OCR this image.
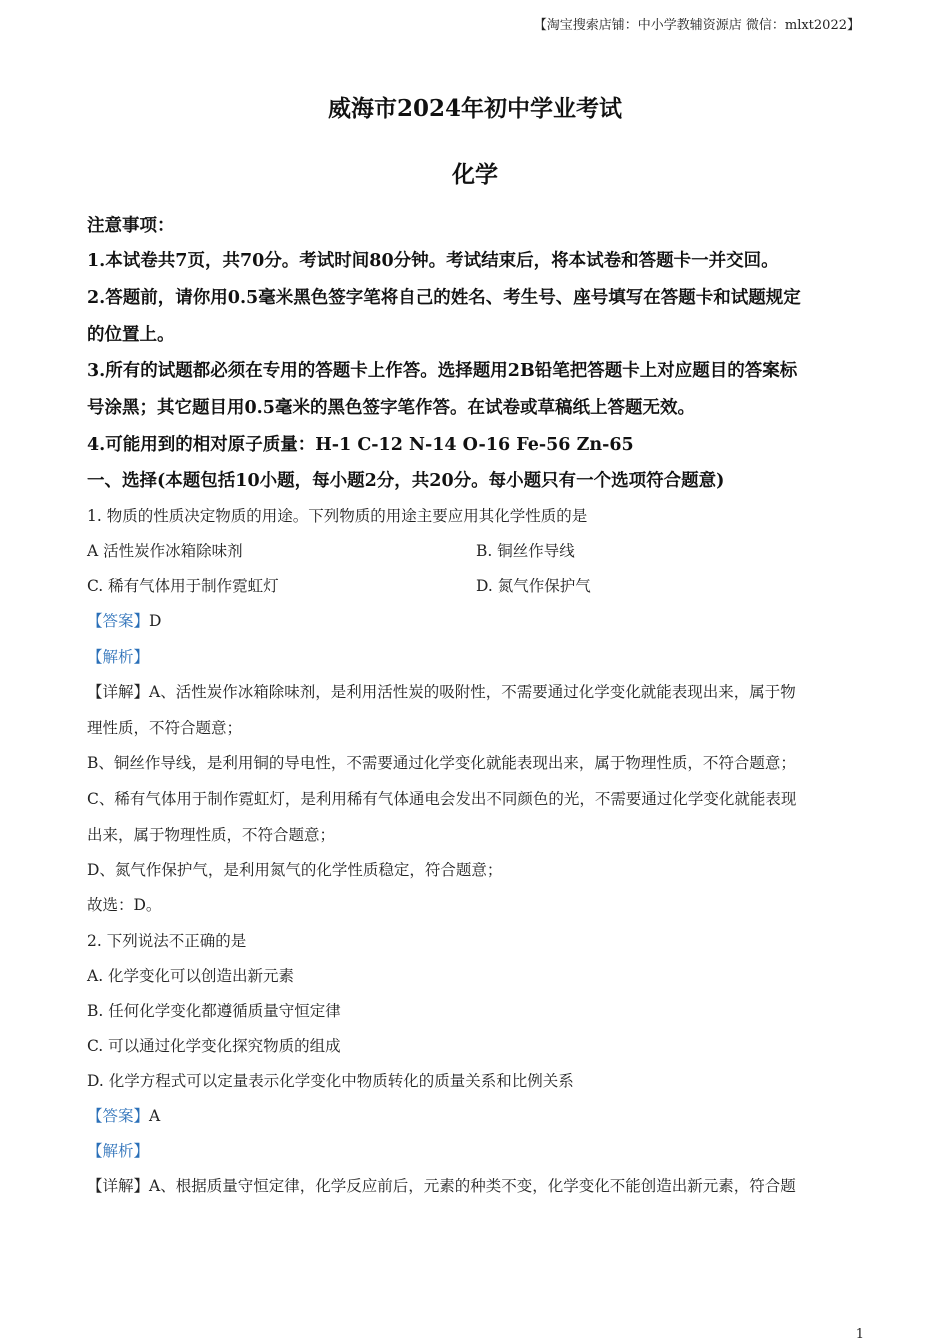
【淘宝搜索店铺：中小学教辅资源店 微信：mlxt2022】
威海市2024年初中学业考试
化学
注意事项：
1.本试卷共7页，共70分。考试时间80分钟。考试结束后，将本试卷和答题卡一并交回。
2.答题前，请你用0.5毫米黑色签字笔将自己的姓名、考生号、座号填写在答题卡和试题规定
的位置上。
3.所有的试题都必须在专用的答题卡上作答。选择题用2B铅笔把答题卡上对应题目的答案标
号涂黑；其它题目用0.5毫米的黑色签字笔作答。在试卷或草稿纸上答题无效。
4.可能用到的相对原子质量：H-1 C-12 N-14 O-16 Fe-56 Zn-65
一、选择(本题包括10小题，每小题2分，共20分。每小题只有一个选项符合题意)
1. 物质的性质决定物质的用途。下列物质的用途主要应用其化学性质的是
A 活性炭作冰箱除味剂	B. 铜丝作导线
C. 稀有气体用于制作霓虹灯	D. 氮气作保护气
【答案】D
【解析】
【详解】A、活性炭作冰箱除味剂，是利用活性炭的吸附性，不需要通过化学变化就能表现出来，属于物
理性质，不符合题意；
B、铜丝作导线，是利用铜的导电性，不需要通过化学变化就能表现出来，属于物理性质，不符合题意；
C、稀有气体用于制作霓虹灯，是利用稀有气体通电会发出不同颜色的光，不需要通过化学变化就能表现
出来，属于物理性质，不符合题意；
D、氮气作保护气，是利用氮气的化学性质稳定，符合题意；
故选：D。
2. 下列说法不正确的是
A. 化学变化可以创造出新元素
B. 任何化学变化都遵循质量守恒定律
C. 可以通过化学变化探究物质的组成
D. 化学方程式可以定量表示化学变化中物质转化的质量关系和比例关系
【答案】A
【解析】
【详解】A、根据质量守恒定律，化学反应前后，元素的种类不变，化学变化不能创造出新元素，符合题
1
